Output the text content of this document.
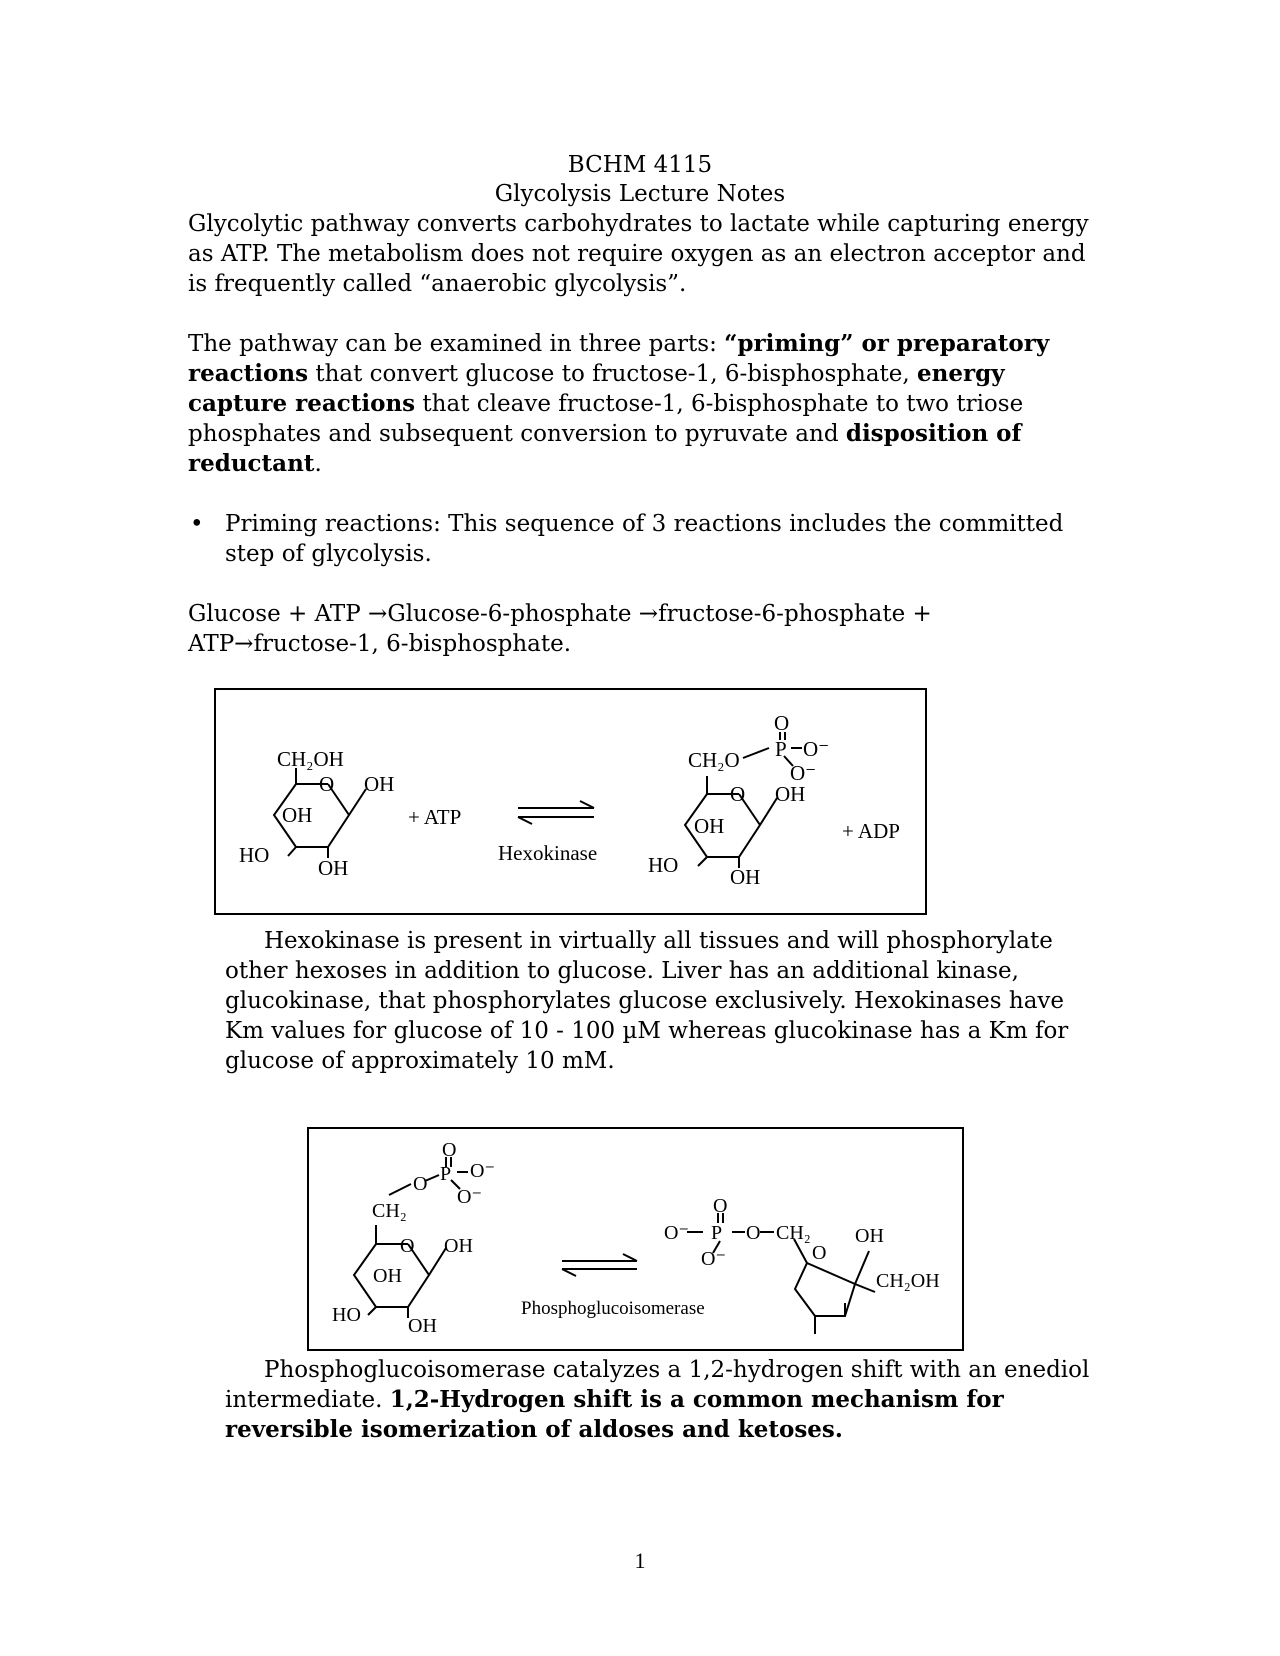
BCHM 4115
Glycolysis Lecture Notes
Glycolytic pathway converts carbohydrates to lactate while capturing energy
as ATP. The metabolism does not require oxygen as an electron acceptor and
is frequently called “anaerobic glycolysis”.
The pathway can be examined in three parts: “priming” or preparatory
reactions that convert glucose to fructose-1, 6-bisphosphate, energy
capture reactions that cleave fructose-1, 6-bisphosphate to two triose
phosphates and subsequent conversion to pyruvate and disposition of
reductant.
• Priming reactions: This sequence of 3 reactions includes the committed
step of glycolysis.
Glucose + ATP →Glucose-6-phosphate →fructose-6-phosphate +
ATP→fructose-1, 6-bisphosphate.
CH₂OH
O OH
OH
HO
OH
+ ATP
Hexokinase
CH₂O P
O
O⁻
O⁻
O OH
OH
HO OH
+ ADP
Hexokinase is present in virtually all tissues and will phosphorylate
other hexoses in addition to glucose. Liver has an additional kinase,
glucokinase, that phosphorylates glucose exclusively. Hexokinases have
Km values for glucose of 10 - 100 µM whereas glucokinase has a Km for
glucose of approximately 10 mM.
O
P O⁻
O⁻
O
CH₂
O OH
OH
HO OH
Phosphoglucoisomerase
O⁻ P
O
O⁻
O CH₂
O
OH
CH₂OH
Phosphoglucoisomerase catalyzes a 1,2-hydrogen shift with an enediol
intermediate. 1,2-Hydrogen shift is a common mechanism for
reversible isomerization of aldoses and ketoses.
1
